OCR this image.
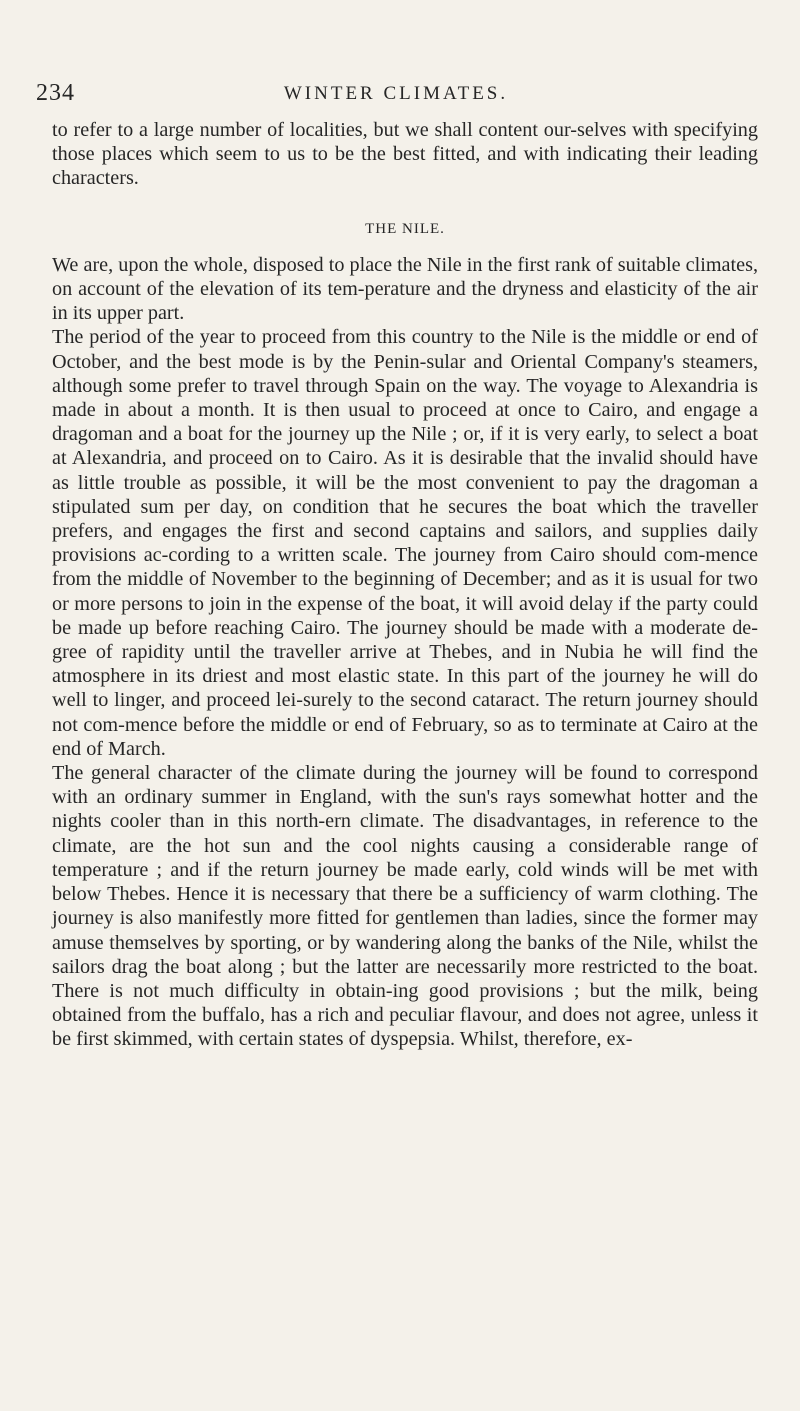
234	WINTER CLIMATES.

to refer to a large number of localities, but we shall content our-selves with specifying those places which seem to us to be the best fitted, and with indicating their leading characters.

THE NILE.

We are, upon the whole, disposed to place the Nile in the first rank of suitable climates, on account of the elevation of its tem-perature and the dryness and elasticity of the air in its upper part.

The period of the year to proceed from this country to the Nile is the middle or end of October, and the best mode is by the Penin-sular and Oriental Company's steamers, although some prefer to travel through Spain on the way. The voyage to Alexandria is made in about a month. It is then usual to proceed at once to Cairo, and engage a dragoman and a boat for the journey up the Nile ; or, if it is very early, to select a boat at Alexandria, and proceed on to Cairo. As it is desirable that the invalid should have as little trouble as possible, it will be the most convenient to pay the dragoman a stipulated sum per day, on condition that he secures the boat which the traveller prefers, and engages the first and second captains and sailors, and supplies daily provisions ac-cording to a written scale. The journey from Cairo should com-mence from the middle of November to the beginning of December; and as it is usual for two or more persons to join in the expense of the boat, it will avoid delay if the party could be made up before reaching Cairo. The journey should be made with a moderate de-gree of rapidity until the traveller arrive at Thebes, and in Nubia he will find the atmosphere in its driest and most elastic state. In this part of the journey he will do well to linger, and proceed lei-surely to the second cataract. The return journey should not com-mence before the middle or end of February, so as to terminate at Cairo at the end of March.

The general character of the climate during the journey will be found to correspond with an ordinary summer in England, with the sun's rays somewhat hotter and the nights cooler than in this north-ern climate. The disadvantages, in reference to the climate, are the hot sun and the cool nights causing a considerable range of temperature ; and if the return journey be made early, cold winds will be met with below Thebes. Hence it is necessary that there be a sufficiency of warm clothing. The journey is also manifestly more fitted for gentlemen than ladies, since the former may amuse themselves by sporting, or by wandering along the banks of the Nile, whilst the sailors drag the boat along ; but the latter are necessarily more restricted to the boat. There is not much difficulty in obtain-ing good provisions ; but the milk, being obtained from the buffalo, has a rich and peculiar flavour, and does not agree, unless it be first skimmed, with certain states of dyspepsia. Whilst, therefore, ex-
